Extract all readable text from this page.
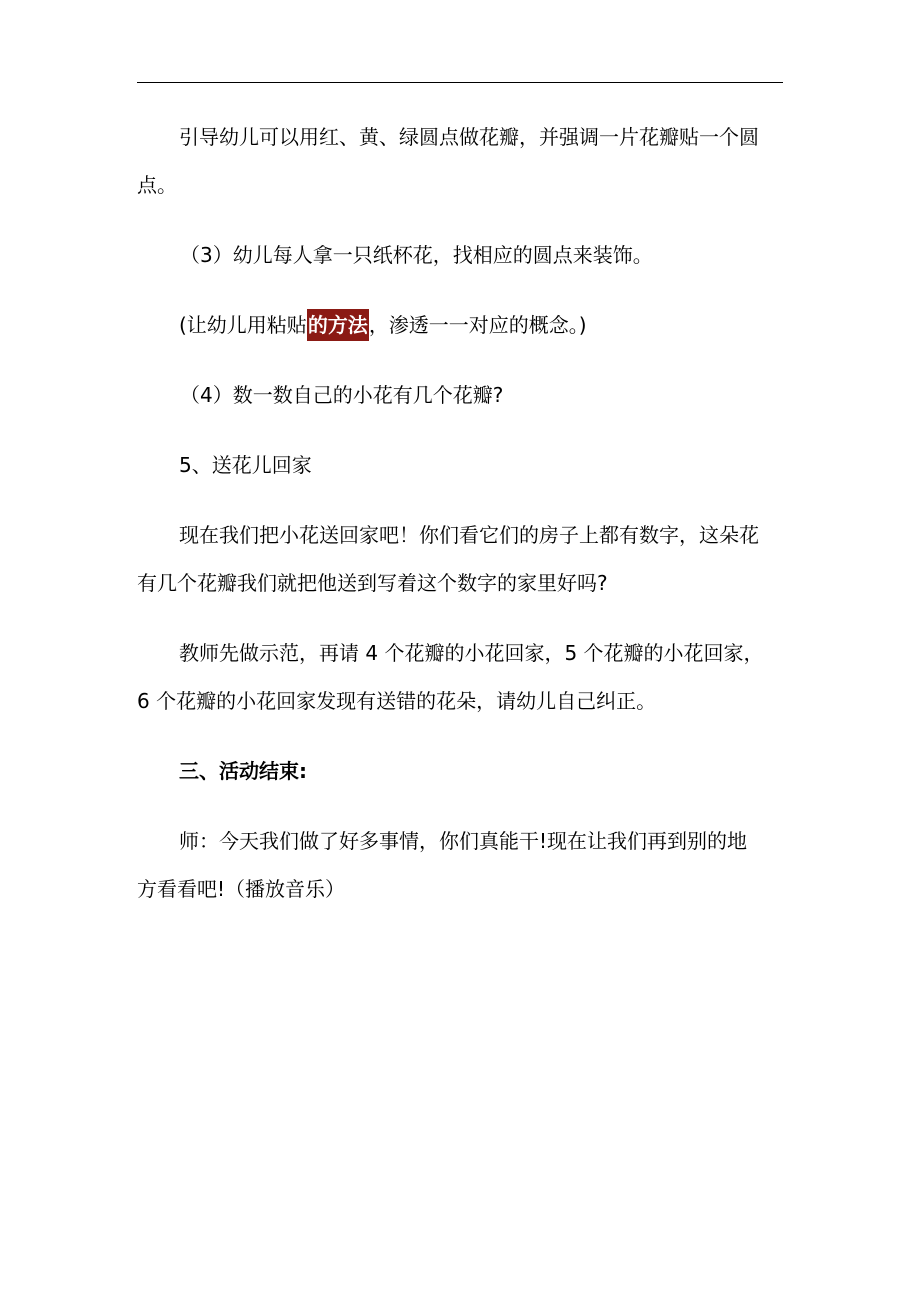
引导幼儿可以用红、黄、绿圆点做花瓣，并强调一片花瓣贴一个圆

点。

（3）幼儿每人拿一只纸杯花，找相应的圆点来装饰。

(让幼儿用粘贴的方法，渗透一一对应的概念。)

（4）数一数自己的小花有几个花瓣?

5、送花儿回家

现在我们把小花送回家吧！你们看它们的房子上都有数字，这朵花

有几个花瓣我们就把他送到写着这个数字的家里好吗?

教师先做示范，再请 4 个花瓣的小花回家，5 个花瓣的小花回家，

6 个花瓣的小花回家发现有送错的花朵，请幼儿自己纠正。

三、活动结束:

师：今天我们做了好多事情，你们真能干!现在让我们再到别的地

方看看吧!（播放音乐）
